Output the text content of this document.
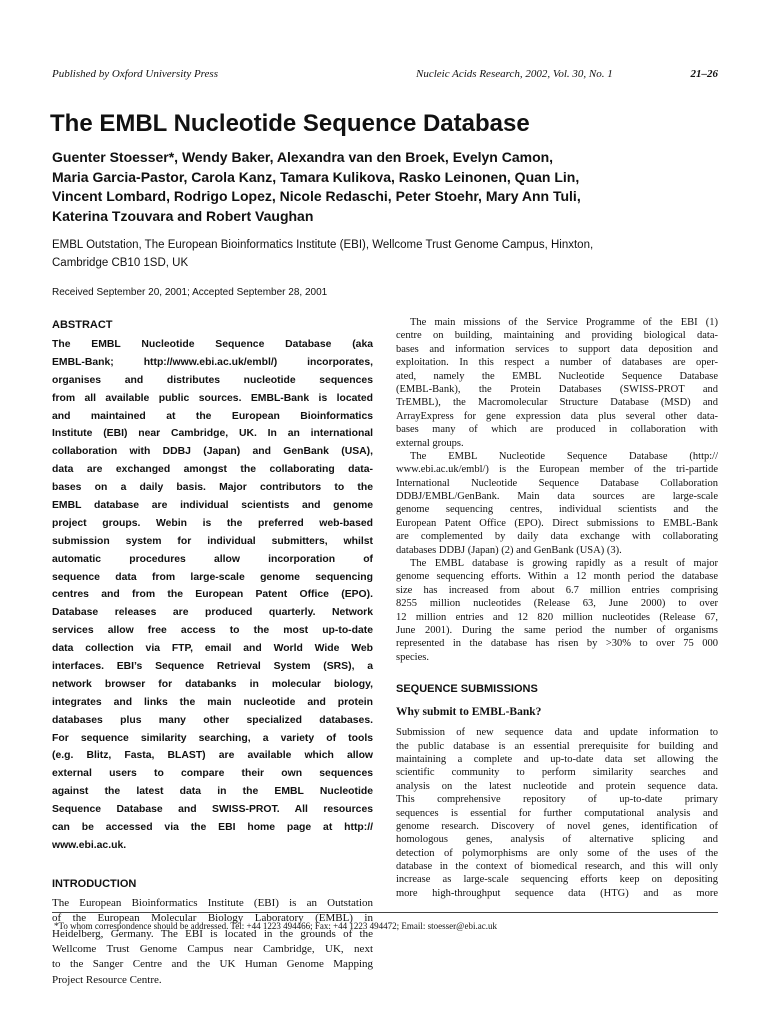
Published by Oxford University Press	Nucleic Acids Research, 2002, Vol. 30, No. 1	21–26
The EMBL Nucleotide Sequence Database
Guenter Stoesser*, Wendy Baker, Alexandra van den Broek, Evelyn Camon,
Maria Garcia-Pastor, Carola Kanz, Tamara Kulikova, Rasko Leinonen, Quan Lin,
Vincent Lombard, Rodrigo Lopez, Nicole Redaschi, Peter Stoehr, Mary Ann Tuli,
Katerina Tzouvara and Robert Vaughan
EMBL Outstation, The European Bioinformatics Institute (EBI), Wellcome Trust Genome Campus, Hinxton,
Cambridge CB10 1SD, UK
Received September 20, 2001; Accepted September 28, 2001
ABSTRACT
The EMBL Nucleotide Sequence Database (aka
EMBL-Bank; http://www.ebi.ac.uk/embl/) incorporates,
organises and distributes nucleotide sequences
from all available public sources. EMBL-Bank is located
and maintained at the European Bioinformatics
Institute (EBI) near Cambridge, UK. In an international
collaboration with DDBJ (Japan) and GenBank (USA),
data are exchanged amongst the collaborating data-
bases on a daily basis. Major contributors to the
EMBL database are individual scientists and genome
project groups. Webin is the preferred web-based
submission system for individual submitters, whilst
automatic procedures allow incorporation of
sequence data from large-scale genome sequencing
centres and from the European Patent Office (EPO).
Database releases are produced quarterly. Network
services allow free access to the most up-to-date
data collection via FTP, email and World Wide Web
interfaces. EBI’s Sequence Retrieval System (SRS), a
network browser for databanks in molecular biology,
integrates and links the main nucleotide and protein
databases plus many other specialized databases.
For sequence similarity searching, a variety of tools
(e.g. Blitz, Fasta, BLAST) are available which allow
external users to compare their own sequences
against the latest data in the EMBL Nucleotide
Sequence Database and SWISS-PROT. All resources
can be accessed via the EBI home page at http://
www.ebi.ac.uk.
INTRODUCTION
The European Bioinformatics Institute (EBI) is an Outstation
of the European Molecular Biology Laboratory (EMBL) in
Heidelberg, Germany. The EBI is located in the grounds of the
Wellcome Trust Genome Campus near Cambridge, UK, next
to the Sanger Centre and the UK Human Genome Mapping
Project Resource Centre.
The main missions of the Service Programme of the EBI (1)
centre on building, maintaining and providing biological data-
bases and information services to support data deposition and
exploitation. In this respect a number of databases are oper-
ated, namely the EMBL Nucleotide Sequence Database
(EMBL-Bank), the Protein Databases (SWISS-PROT and
TrEMBL), the Macromolecular Structure Database (MSD) and
ArrayExpress for gene expression data plus several other data-
bases many of which are produced in collaboration with
external groups.
The EMBL Nucleotide Sequence Database (http://
www.ebi.ac.uk/embl/) is the European member of the tri-partide
International Nucleotide Sequence Database Collaboration
DDBJ/EMBL/GenBank. Main data sources are large-scale
genome sequencing centres, individual scientists and the
European Patent Office (EPO). Direct submissions to EMBL-Bank
are complemented by daily data exchange with collaborating
databases DDBJ (Japan) (2) and GenBank (USA) (3).
The EMBL database is growing rapidly as a result of major
genome sequencing efforts. Within a 12 month period the database
size has increased from about 6.7 million entries comprising
8255 million nucleotides (Release 63, June 2000) to over
12 million entries and 12 820 million nucleotides (Release 67,
June 2001). During the same period the number of organisms
represented in the database has risen by >30% to over 75 000
species.
SEQUENCE SUBMISSIONS
Why submit to EMBL-Bank?
Submission of new sequence data and update information to
the public database is an essential prerequisite for building and
maintaining a complete and up-to-date data set allowing the
scientific community to perform similarity searches and
analysis on the latest nucleotide and protein sequence data.
This comprehensive repository of up-to-date primary
sequences is essential for further computational analysis and
genome research. Discovery of novel genes, identification of
homologous genes, analysis of alternative splicing and
detection of polymorphisms are only some of the uses of the
database in the context of biomedical research, and this will only
increase as large-scale sequencing efforts keep on depositing
more high-throughput sequence data (HTG) and as more
*To whom correspondence should be addressed. Tel: +44 1223 494466; Fax: +44 1223 494472; Email: stoesser@ebi.ac.uk
